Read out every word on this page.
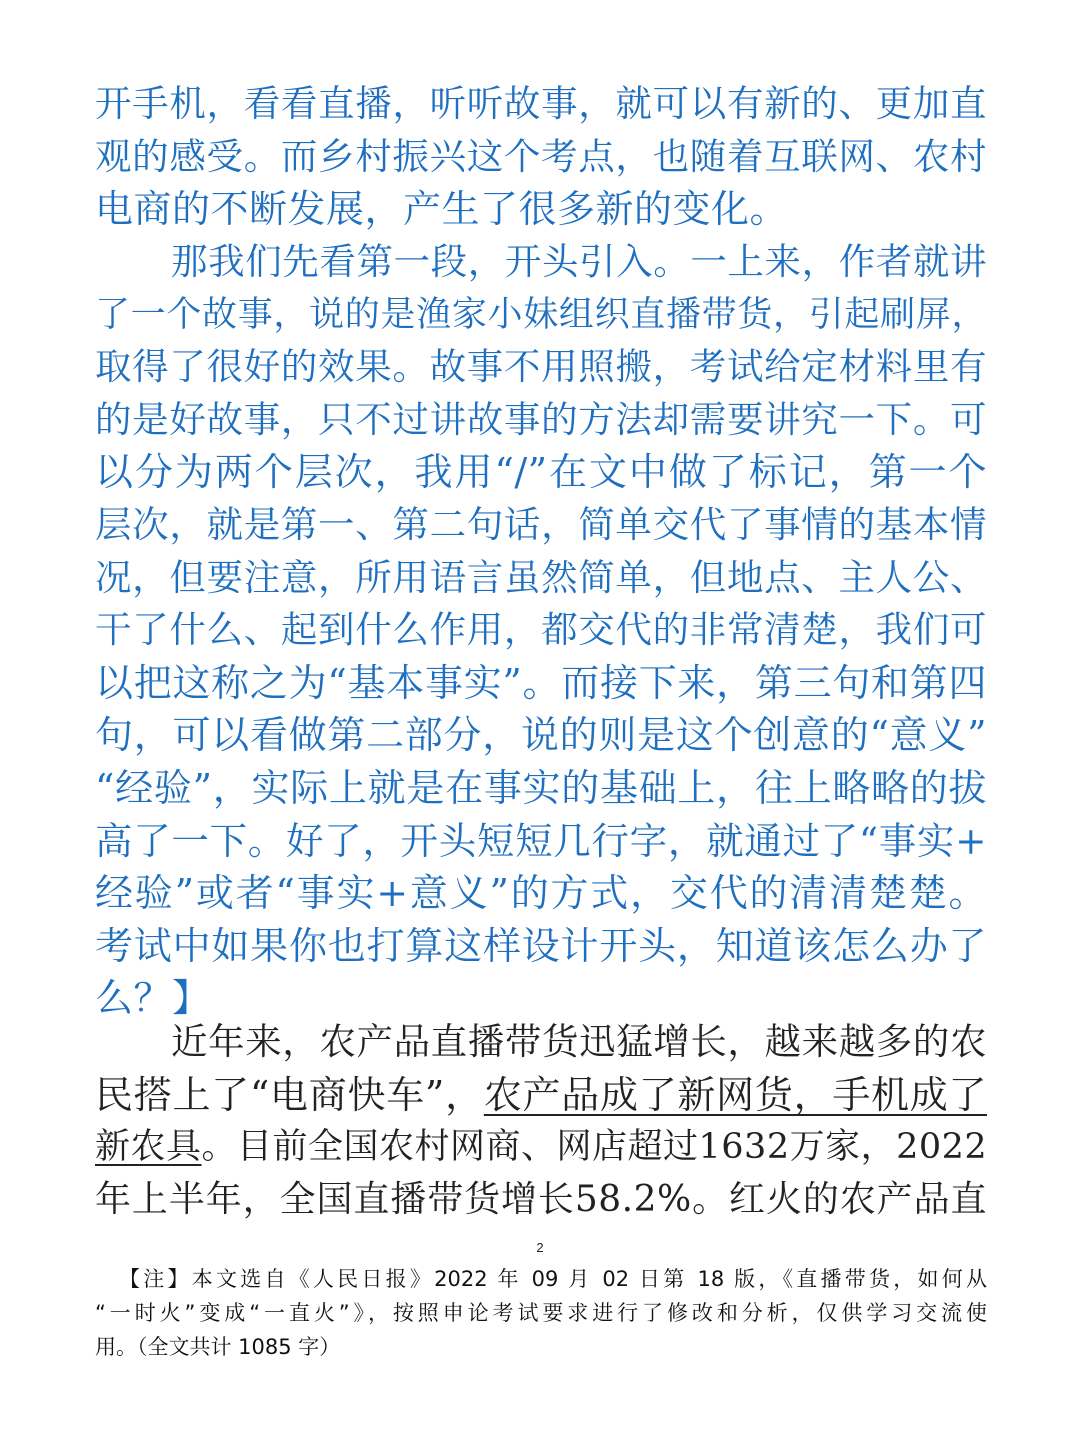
开手机，看看直播，听听故事，就可以有新的、更加直
观的感受。而乡村振兴这个考点，也随着互联网、农村
电商的不断发展，产生了很多新的变化。
那我们先看第一段，开头引入。一上来，作者就讲
了一个故事，说的是渔家小妹组织直播带货，引起刷屏，
取得了很好的效果。故事不用照搬，考试给定材料里有
的是好故事，只不过讲故事的方法却需要讲究一下。可
以分为两个层次，我用“/”在文中做了标记，第一个
层次，就是第一、第二句话，简单交代了事情的基本情
况，但要注意，所用语言虽然简单，但地点、主人公、
干了什么、起到什么作用，都交代的非常清楚，我们可
以把这称之为“基本事实”。而接下来，第三句和第四
句，可以看做第二部分，说的则是这个创意的“意义”
“经验”，实际上就是在事实的基础上，往上略略的拔
高了一下。好了，开头短短几行字，就通过了“事实+
经验”或者“事实+意义”的方式，交代的清清楚楚。
考试中如果你也打算这样设计开头，知道该怎么办了
么？】
近年来，农产品直播带货迅猛增长，越来越多的农
民搭上了“电商快车”，农产品成了新网货，手机成了
新农具。目前全国农村网商、网店超过1632万家，2022
年上半年，全国直播带货增长58.2%。红火的农产品直
2
【注】本文选自《人民日报》2022 年 09 月 02 日第 18 版，《直播带货，如何从
“一时火”变成“一直火”》，按照申论考试要求进行了修改和分析，仅供学习交流使
用。（全文共计 1085 字）
